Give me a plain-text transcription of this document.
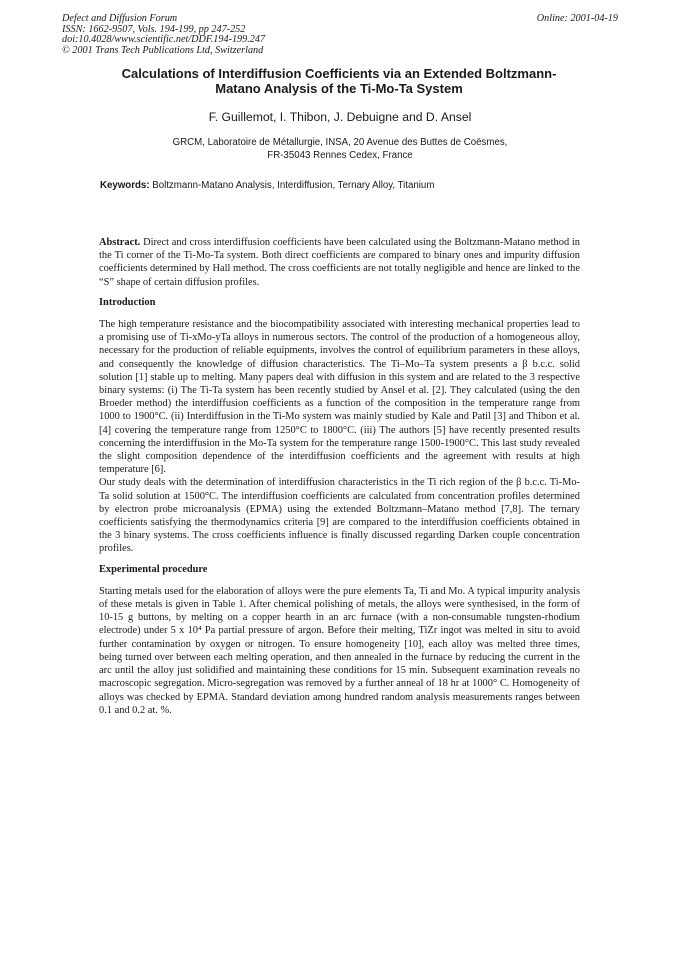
Defect and Diffusion Forum
ISSN: 1662-9507, Vols. 194-199, pp 247-252
doi:10.4028/www.scientific.net/DDF.194-199.247
© 2001 Trans Tech Publications Ltd, Switzerland
Online: 2001-04-19
Calculations of Interdiffusion Coefficients via an Extended Boltzmann-
Matano Analysis of the Ti-Mo-Ta System
F. Guillemot, I. Thibon, J. Debuigne and D. Ansel
GRCM, Laboratoire de Métallurgie, INSA, 20 Avenue des Buttes de Coësmes,
FR-35043 Rennes Cedex, France
Keywords: Boltzmann-Matano Analysis, Interdiffusion, Ternary Alloy, Titanium

Abstract. Direct and cross interdiffusion coefficients have been calculated using the Boltzmann-Matano method in the Ti corner of the Ti-Mo-Ta system. Both direct coefficients are compared to binary ones and impurity diffusion coefficients determined by Hall method. The cross coefficients are not totally negligible and hence are linked to the “S” shape of certain diffusion profiles.

Introduction

The high temperature resistance and the biocompatibility associated with interesting mechanical properties lead to a promising use of Ti-xMo-yTa alloys in numerous sectors. The control of the production of a homogeneous alloy, necessary for the production of reliable equipments, involves the control of equilibrium parameters in these alloys, and consequently the knowledge of diffusion characteristics. The Ti–Mo–Ta system presents a β b.c.c. solid solution [1] stable up to melting. Many papers deal with diffusion in this system and are related to the 3 respective binary systems: (i) The Ti-Ta system has been recently studied by Ansel et al. [2]. They calculated (using the den Broeder method) the interdiffusion coefficients as a function of the composition in the temperature range from 1000 to 1900°C. (ii) Interdiffusion in the Ti-Mo system was mainly studied by Kale and Patil [3] and Thibon et al. [4] covering the temperature range from 1250°C to 1800°C. (iii) The authors [5] have recently presented results concerning the interdiffusion in the Mo-Ta system for the temperature range 1500-1900°C. This last study revealed the slight composition dependence of the interdiffusion coefficients and the agreement with results at high temperature [6].

Our study deals with the determination of interdiffusion characteristics in the Ti rich region of the β b.c.c. Ti-Mo-Ta solid solution at 1500°C. The interdiffusion coefficients are calculated from concentration profiles determined by electron probe microanalysis (EPMA) using the extended Boltzmann–Matano method [7,8]. The ternary coefficients satisfying the thermodynamics criteria [9] are compared to the interdiffusion coefficients obtained in the 3 binary systems. The cross coefficients influence is finally discussed regarding Darken couple concentration profiles.

Experimental procedure

Starting metals used for the elaboration of alloys were the pure elements Ta, Ti and Mo. A typical impurity analysis of these metals is given in Table 1. After chemical polishing of metals, the alloys were synthesised, in the form of 10-15 g buttons, by melting on a copper hearth in an arc furnace (with a non-consumable tungsten-rhodium electrode) under 5 x 10⁴ Pa partial pressure of argon. Before their melting, TiZr ingot was melted in situ to avoid further contamination by oxygen or nitrogen. To ensure homogeneity [10], each alloy was melted three times, being turned over between each melting operation, and then annealed in the furnace by reducing the current in the arc until the alloy just solidified and maintaining these conditions for 15 min. Subsequent examination reveals no macroscopic segregation. Micro-segregation was removed by a further anneal of 18 hr at 1000° C. Homogeneity of alloys was checked by EPMA. Standard deviation among hundred random analysis measurements ranges between 0.1 and 0.2 at. %.
